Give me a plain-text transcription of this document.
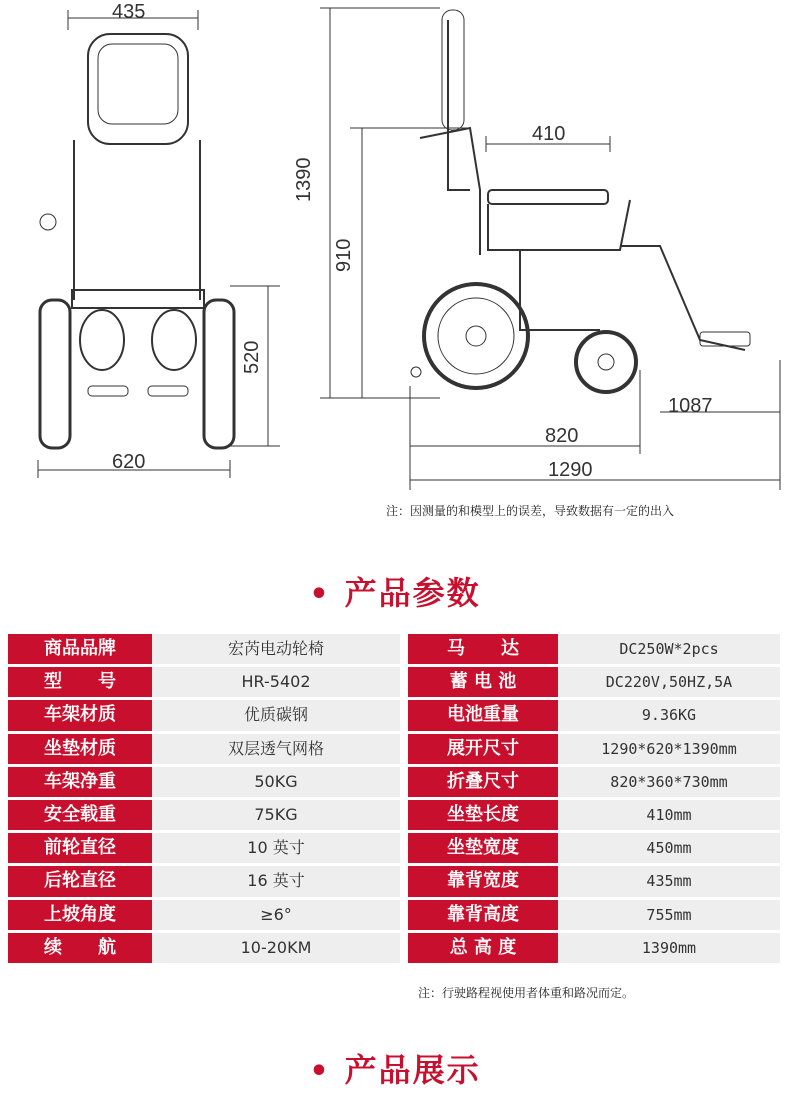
435
620
520
1390
910
410
1087
820
1290
注：因测量的和模型上的误差，导致数据有一定的出入
• 产品参数
商品品牌	宏芮电动轮椅	马　　达	DC250W*2pcs
型　　号	HR-5402	蓄 电 池	DC220V,50HZ,5A
车架材质	优质碳钢	电池重量	9.36KG
坐垫材质	双层透气网格	展开尺寸	1290*620*1390mm
车架净重	50KG	折叠尺寸	820*360*730mm
安全载重	75KG	坐垫长度	410mm
前轮直径	10 英寸	坐垫宽度	450mm
后轮直径	16 英寸	靠背宽度	435mm
上坡角度	≥6°	靠背高度	755mm
续　　航	10-20KM	总 高 度	1390mm
注：行驶路程视使用者体重和路况而定。
• 产品展示
